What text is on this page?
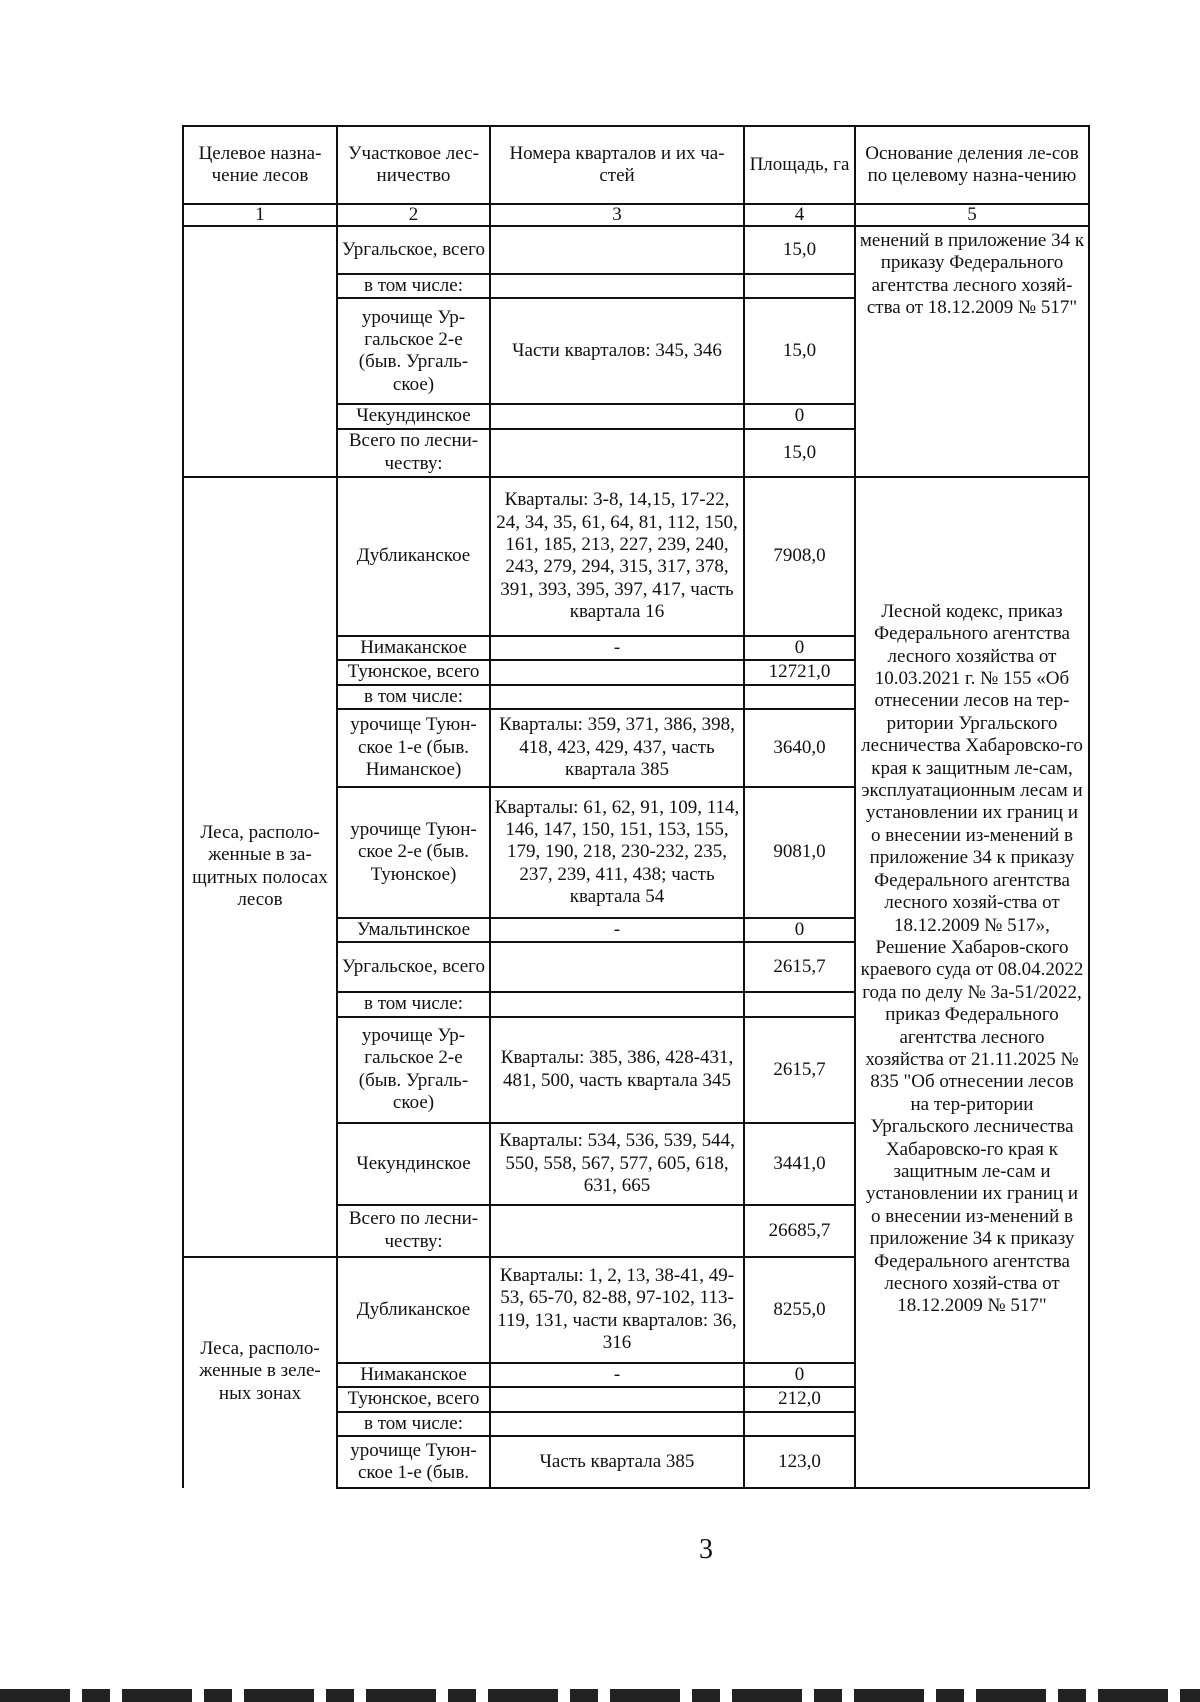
Целевое назна-чение лесов	Участковое лес-ничество	Номера кварталов и их ча-стей	Площадь, га	Основание деления ле-сов по целевому назна-чению
1	2	3	4	5
	Ургальское, всего		15,0	менений в приложение 34 к приказу Федерального агентства лесного хозяй-ства от 18.12.2009 № 517"
	в том числе:			
	урочище Ур-гальское 2-е (быв. Ургаль-ское)	Части кварталов: 345, 346	15,0	
	Чекундинское		0	
	Всего по лесни-честву:		15,0	
Леса, располо-женные в за-щитных полосах лесов	Дубликанское	Кварталы: 3-8, 14,15, 17-22, 24, 34, 35, 61, 64, 81, 112, 150, 161, 185, 213, 227, 239, 240, 243, 279, 294, 315, 317, 378, 391, 393, 395, 397, 417, часть квартала 16	7908,0	Лесной кодекс, приказ Федерального агентства лесного хозяйства от 10.03.2021 г. № 155 «Об отнесении лесов на тер-ритории Ургальского лесничества Хабаровско-го края к защитным ле-сам, эксплуатационным лесам и установлении их границ и о внесении из-менений в приложение 34 к приказу Федерального агентства лесного хозяй-ства от 18.12.2009 № 517», Решение Хабаров-ского краевого суда от 08.04.2022 года по делу № 3а-51/2022, приказ Федерального агентства лесного хозяйства от 21.11.2025 № 835 "Об отнесении лесов на тер-ритории Ургальского лесничества Хабаровско-го края к защитным ле-сам и установлении их границ и о внесении из-менений в приложение 34 к приказу Федерального агентства лесного хозяй-ства от 18.12.2009 № 517"
	Нимаканское	-	0	
	Туюнское, всего		12721,0	
	в том числе:			
	урочище Туюн-ское 1-е (быв. Ниманское)	Кварталы: 359, 371, 386, 398, 418, 423, 429, 437, часть квартала 385	3640,0	
	урочище Туюн-ское 2-е (быв. Туюнское)	Кварталы: 61, 62, 91, 109, 114, 146, 147, 150, 151, 153, 155, 179, 190, 218, 230-232, 235, 237, 239, 411, 438; часть квартала 54	9081,0	
	Умальтинское	-	0	
	Ургальское, всего		2615,7	
	в том числе:			
	урочище Ур-гальское 2-е (быв. Ургаль-ское)	Кварталы: 385, 386, 428-431, 481, 500, часть квартала 345	2615,7	
	Чекундинское	Кварталы: 534, 536, 539, 544, 550, 558, 567, 577, 605, 618, 631, 665	3441,0	
	Всего по лесни-честву:		26685,7	
Леса, располо-женные в зеле-ных зонах	Дубликанское	Кварталы: 1, 2, 13, 38-41, 49-53, 65-70, 82-88, 97-102, 113-119, 131, части кварталов: 36, 316	8255,0	
	Нимаканское	-	0	
	Туюнское, всего		212,0	
	в том числе:			
	урочище Туюн-ское 1-е (быв.	Часть квартала 385	123,0	
3
